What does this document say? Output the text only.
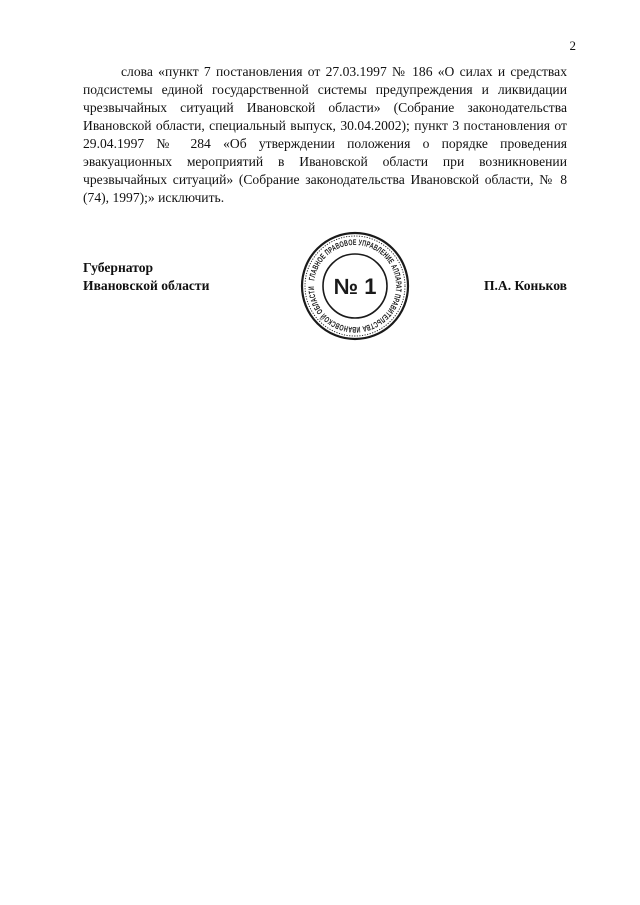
2

слова «пункт 7 постановления от 27.03.1997 № 186 «О силах и средствах подсистемы единой государственной системы предупреждения и ликвидации чрезвычайных ситуаций Ивановской области» (Собрание законодательства Ивановской области, специальный выпуск, 30.04.2002); пункт 3 постановления от 29.04.1997 № 284 «Об утверждении положения о порядке проведения эвакуационных мероприятий в Ивановской области при возникновении чрезвычайных ситуаций» (Собрание законодательства Ивановской области, № 8 (74), 1997);» исключить.

Губернатор
Ивановской области	ГЛАВНОЕ ПРАВОВОЕ УПРАВЛЕНИЕ АППАРАТ ПРАВИТЕЛЬСТВА ИВАНОВСКОЙ ОБЛАСТИ № 1	П.А. Коньков
